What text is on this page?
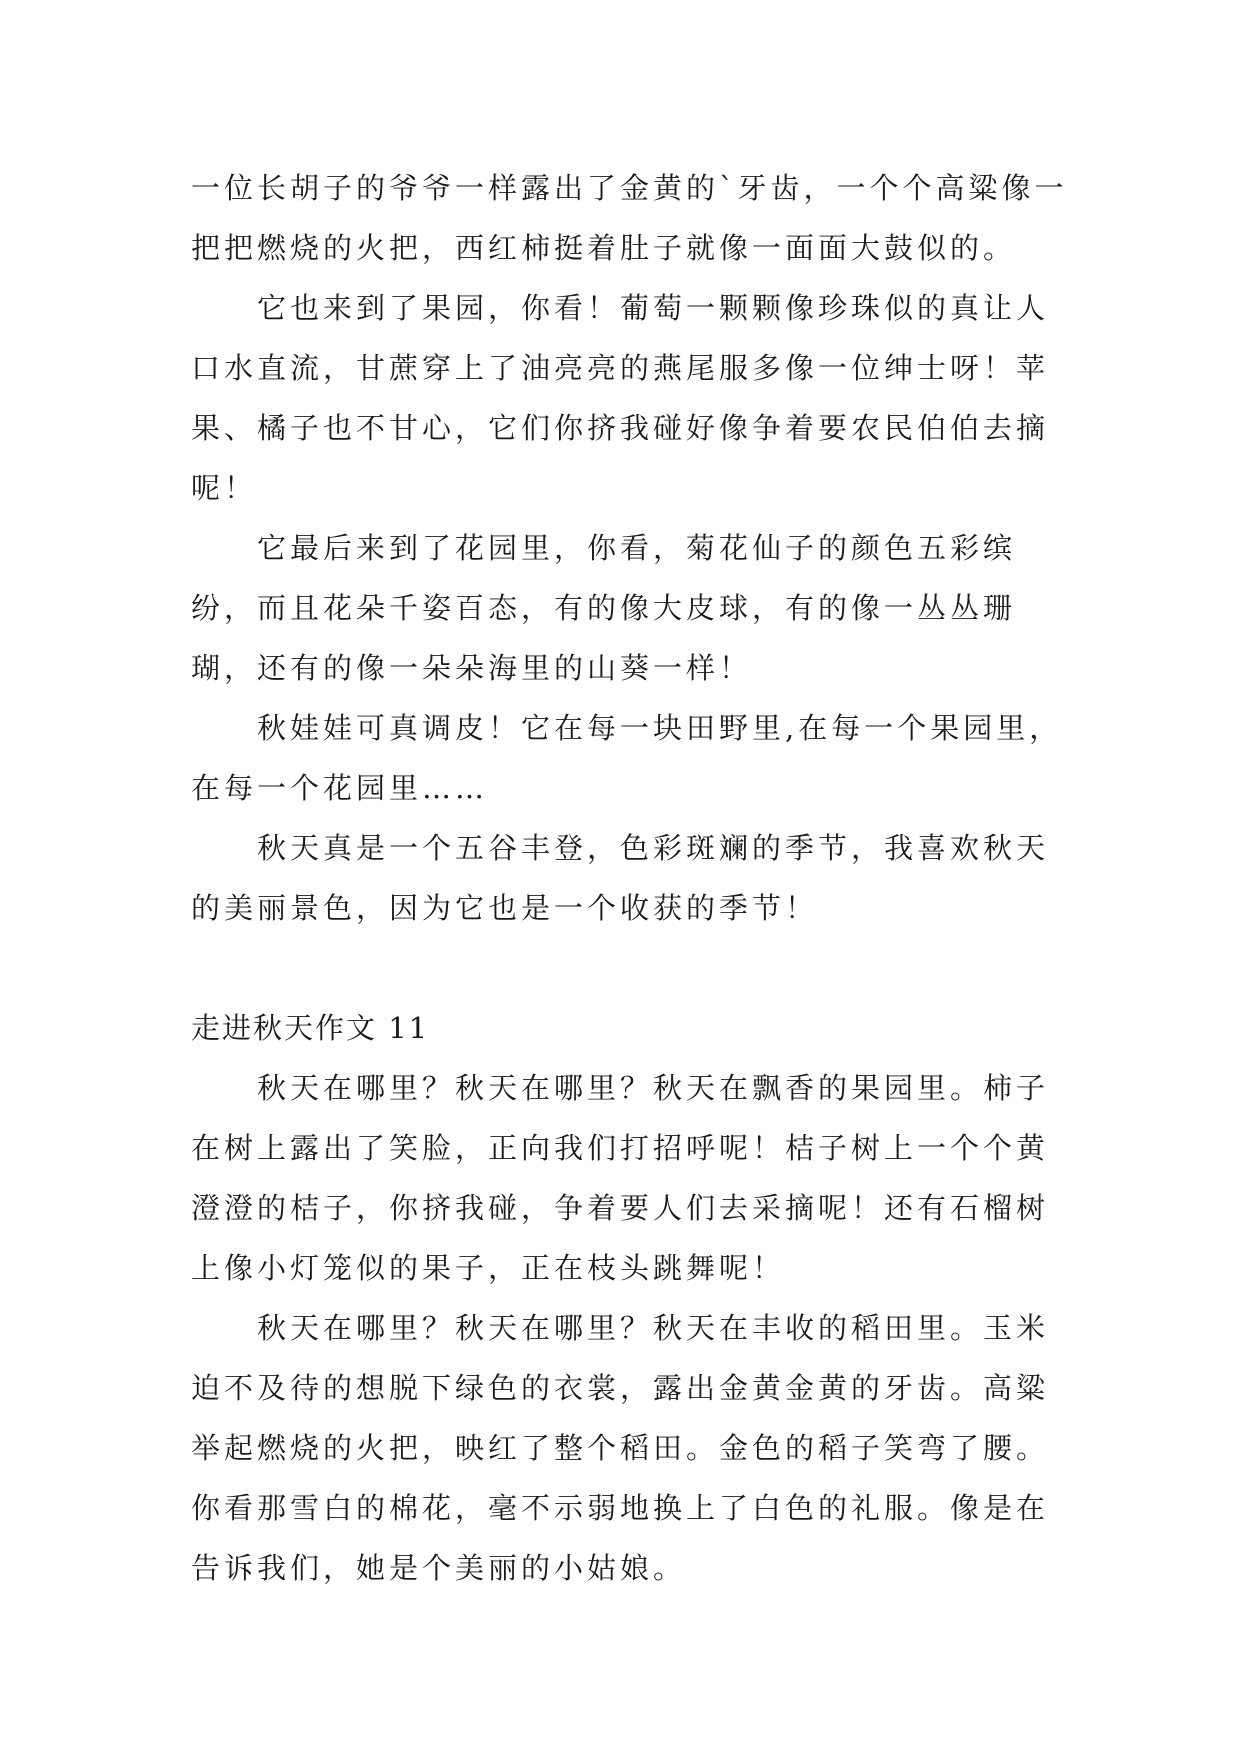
一位长胡子的爷爷一样露出了金黄的`牙齿，一个个高粱像一把把燃烧的火把，西红柿挺着肚子就像一面面大鼓似的。

它也来到了果园，你看！葡萄一颗颗像珍珠似的真让人口水直流，甘蔗穿上了油亮亮的燕尾服多像一位绅士呀！苹果、橘子也不甘心，它们你挤我碰好像争着要农民伯伯去摘呢！

它最后来到了花园里，你看，菊花仙子的颜色五彩缤纷，而且花朵千姿百态，有的像大皮球，有的像一丛丛珊瑚，还有的像一朵朵海里的山葵一样！

秋娃娃可真调皮！它在每一块田野里,在每一个果园里，在每一个花园里……

秋天真是一个五谷丰登，色彩斑斓的季节，我喜欢秋天的美丽景色，因为它也是一个收获的季节！

走进秋天作文 11

秋天在哪里？秋天在哪里？秋天在飘香的果园里。柿子在树上露出了笑脸，正向我们打招呼呢！桔子树上一个个黄澄澄的桔子，你挤我碰，争着要人们去采摘呢！还有石榴树上像小灯笼似的果子，正在枝头跳舞呢！

秋天在哪里？秋天在哪里？秋天在丰收的稻田里。玉米迫不及待的想脱下绿色的衣裳，露出金黄金黄的牙齿。高粱举起燃烧的火把，映红了整个稻田。金色的稻子笑弯了腰。你看那雪白的棉花，毫不示弱地换上了白色的礼服。像是在告诉我们，她是个美丽的小姑娘。
